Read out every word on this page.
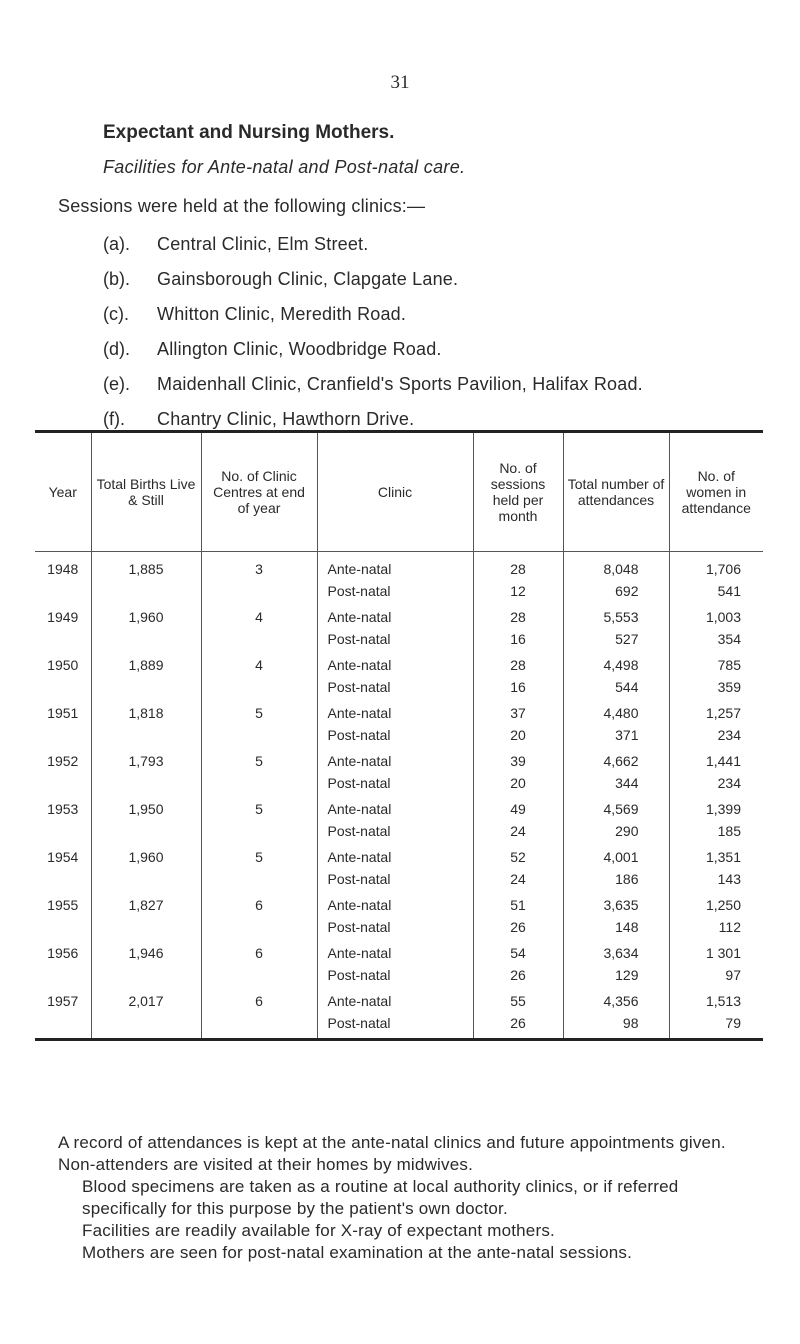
31
Expectant and Nursing Mothers.
Facilities for Ante-natal and Post-natal care.
Sessions were held at the following clinics:—
(a).	Central Clinic, Elm Street.
(b).	Gainsborough Clinic, Clapgate Lane.
(c).	Whitton Clinic, Meredith Road.
(d).	Allington Clinic, Woodbridge Road.
(e).	Maidenhall Clinic, Cranfield's Sports Pavilion, Halifax Road.
(f).	Chantry Clinic, Hawthorn Drive.
Year	Total Births Live & Still	No. of Clinic Centres at end of year	Clinic	No. of sessions held per month	Total number of attendances	No. of women in attendance
1948	1,885	3	Ante-natal	28	8,048	1,706
			Post-natal	12	692	541
1949	1,960	4	Ante-natal	28	5,553	1,003
			Post-natal	16	527	354
1950	1,889	4	Ante-natal	28	4,498	785
			Post-natal	16	544	359
1951	1,818	5	Ante-natal	37	4,480	1,257
			Post-natal	20	371	234
1952	1,793	5	Ante-natal	39	4,662	1,441
			Post-natal	20	344	234
1953	1,950	5	Ante-natal	49	4,569	1,399
			Post-natal	24	290	185
1954	1,960	5	Ante-natal	52	4,001	1,351
			Post-natal	24	186	143
1955	1,827	6	Ante-natal	51	3,635	1,250
			Post-natal	26	148	112
1956	1,946	6	Ante-natal	54	3,634	1 301
			Post-natal	26	129	97
1957	2,017	6	Ante-natal	55	4,356	1,513
			Post-natal	26	98	79

A record of attendances is kept at the ante-natal clinics and future appointments given. Non-attenders are visited at their homes by midwives.

Blood specimens are taken as a routine at local authority clinics, or if referred specifically for this purpose by the patient's own doctor.

Facilities are readily available for X-ray of expectant mothers.

Mothers are seen for post-natal examination at the ante-natal sessions.
